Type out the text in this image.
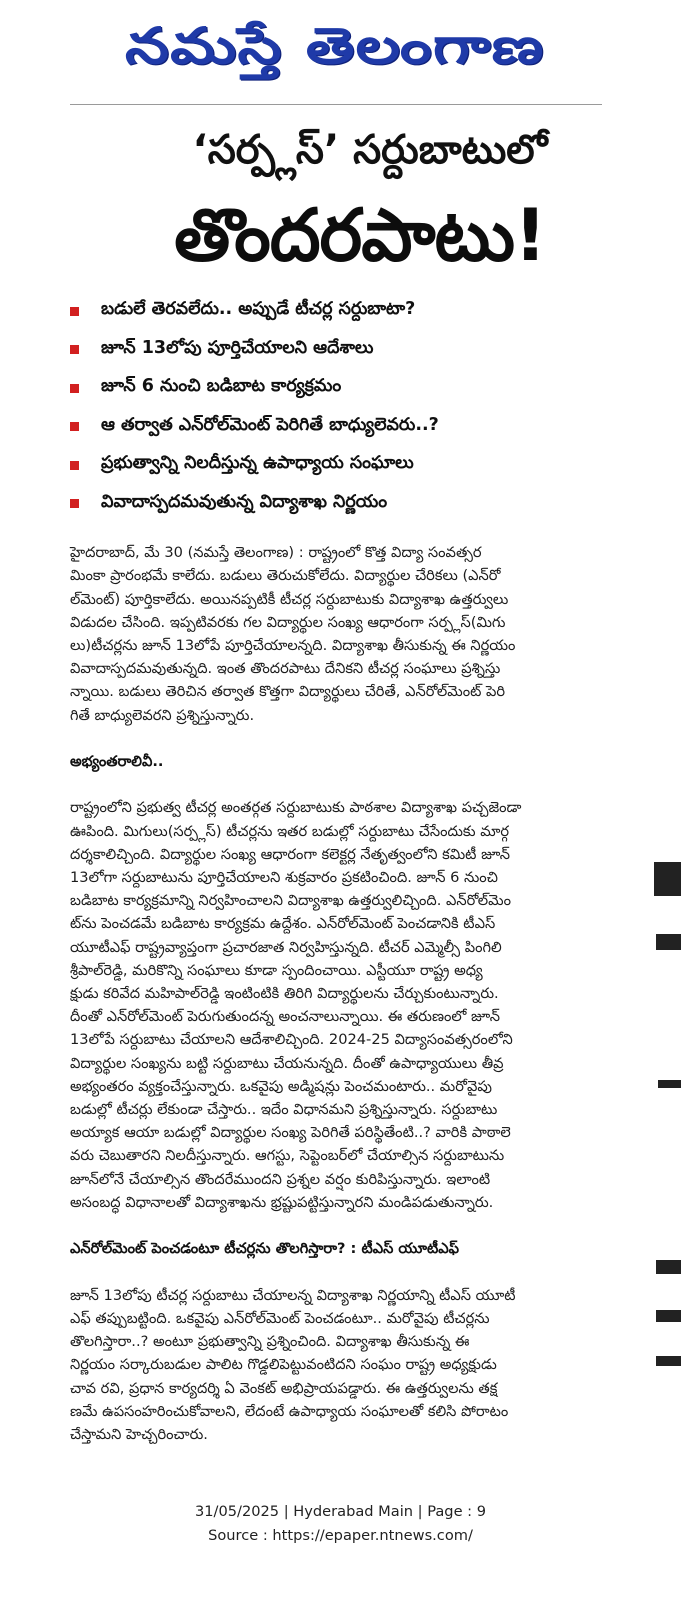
నమస్తే తెలంగాణ
‘సర్ప్లస్’ సర్దుబాటులో
తొందరపాటు!
బడులే తెరవలేదు.. అప్పుడే టీచర్ల సర్దుబాటా?
జూన్ 13లోపు పూర్తిచేయాలని ఆదేశాలు
జూన్ 6 నుంచి బడిబాట కార్యక్రమం
ఆ తర్వాత ఎన్‌రోల్‌మెంట్ పెరిగితే బాధ్యులెవరు..?
ప్రభుత్వాన్ని నిలదీస్తున్న ఉపాధ్యాయ సంఘాలు
వివాదాస్పదమవుతున్న విద్యాశాఖ నిర్ణయం

హైదరాబాద్, మే 30 (నమస్తే తెలంగాణ) : రాష్ట్రంలో కొత్త విద్యా సంవత్సర
మింకా ప్రారంభమే కాలేదు. బడులు తెరుచుకోలేదు. విద్యార్థుల చేరికలు (ఎన్‌రో
ల్‌మెంట్) పూర్తికాలేదు. అయినప్పటికీ టీచర్ల సర్దుబాటుకు విద్యాశాఖ ఉత్తర్వులు
విడుదల చేసింది. ఇప్పటివరకు గల విద్యార్థుల సంఖ్య ఆధారంగా సర్ప్లస్(మిగు
లు)టీచర్లను జూన్ 13లోపే పూర్తిచేయాలన్నది. విద్యాశాఖ తీసుకున్న ఈ నిర్ణయం
వివాదాస్పదమవుతున్నది. ఇంత తొందరపాటు దేనికని టీచర్ల సంఘాలు ప్రశ్నిస్తు
న్నాయి. బడులు తెరిచిన తర్వాత కొత్తగా విద్యార్థులు చేరితే, ఎన్‌రోల్‌మెంట్ పెరి
గితే బాధ్యులెవరని ప్రశ్నిస్తున్నారు.

అభ్యంతరాలివీ..

రాష్ట్రంలోని ప్రభుత్వ టీచర్ల అంతర్గత సర్దుబాటుకు పాఠశాల విద్యాశాఖ పచ్చజెండా
ఊపింది. మిగులు(సర్ప్లస్) టీచర్లను ఇతర బడుల్లో సర్దుబాటు చేసేందుకు మార్గ
దర్శకాలిచ్చింది. విద్యార్థుల సంఖ్య ఆధారంగా కలెక్టర్ల నేతృత్వంలోని కమిటీ జూన్
13లోగా సర్దుబాటును పూర్తిచేయాలని శుక్రవారం ప్రకటించింది. జూన్ 6 నుంచి
బడిబాట కార్యక్రమాన్ని నిర్వహించాలని విద్యాశాఖ ఉత్తర్వులిచ్చింది. ఎన్‌రోల్‌మెం
ట్‌ను పెంచడమే బడిబాట కార్యక్రమ ఉద్దేశం. ఎన్‌రోల్‌మెంట్ పెంచడానికి టీఎస్
యూటీఎఫ్ రాష్ట్రవ్యాప్తంగా ప్రచారజాత నిర్వహిస్తున్నది. టీచర్ ఎమ్మెల్సీ పింగిలి
శ్రీపాల్‌రెడ్డి, మరికొన్ని సంఘాలు కూడా స్పందించాయి. ఎస్టీయూ రాష్ట్ర అధ్య
క్షుడు కరివేద మహిపాల్‌రెడ్డి ఇంటింటికి తిరిగి విద్యార్థులను చేర్చుకుంటున్నారు.
దీంతో ఎన్‌రోల్‌మెంట్ పెరుగుతుందన్న అంచనాలున్నాయి. ఈ తరుణంలో జూన్
13లోపే సర్దుబాటు చేయాలని ఆదేశాలిచ్చింది. 2024-25 విద్యాసంవత్సరంలోని
విద్యార్థుల సంఖ్యను బట్టి సర్దుబాటు చేయనున్నది. దీంతో ఉపాధ్యాయులు తీవ్ర
అభ్యంతరం వ్యక్తంచేస్తున్నారు. ఒకవైపు అడ్మిషన్లు పెంచమంటారు.. మరోవైపు
బడుల్లో టీచర్లు లేకుండా చేస్తారు.. ఇదేం విధానమని ప్రశ్నిస్తున్నారు. సర్దుబాటు
అయ్యాక ఆయా బడుల్లో విద్యార్థుల సంఖ్య పెరిగితే పరిస్థితేంటి..? వారికి పాఠాలె
వరు చెబుతారని నిలదీస్తున్నారు. ఆగస్టు, సెప్టెంబర్‌లో చేయాల్సిన సర్దుబాటును
జూన్‌లోనే చేయాల్సిన తొందరేముందని ప్రశ్నల వర్షం కురిపిస్తున్నారు. ఇలాంటి
అసంబద్ధ విధానాలతో విద్యాశాఖను భ్రష్టుపట్టిస్తున్నారని మండిపడుతున్నారు.

ఎన్‌రోల్‌మెంట్ పెంచడంటూ టీచర్లను తొలగిస్తారా? : టీఎస్ యూటీఎఫ్

జూన్ 13లోపు టీచర్ల సర్దుబాటు చేయాలన్న విద్యాశాఖ నిర్ణయాన్ని టీఎస్ యూటీ
ఎఫ్ తప్పుబట్టింది. ఒకవైపు ఎన్‌రోల్‌మెంట్ పెంచడంటూ.. మరోవైపు టీచర్లను
తొలగిస్తారా..? అంటూ ప్రభుత్వాన్ని ప్రశ్నించింది. విద్యాశాఖ తీసుకున్న ఈ
నిర్ణయం సర్కారుబడుల పాలిట గొడ్డలిపెట్టువంటిదని సంఘం రాష్ట్ర అధ్యక్షుడు
చావ రవి, ప్రధాన కార్యదర్శి ఏ వెంకట్ అభిప్రాయపడ్డారు. ఈ ఉత్తర్వులను తక్ష
ణమే ఉపసంహరించుకోవాలని, లేదంటే ఉపాధ్యాయ సంఘాలతో కలిసి పోరాటం
చేస్తామని హెచ్చరించారు.

31/05/2025 | Hyderabad Main | Page : 9
Source : https://epaper.ntnews.com/
